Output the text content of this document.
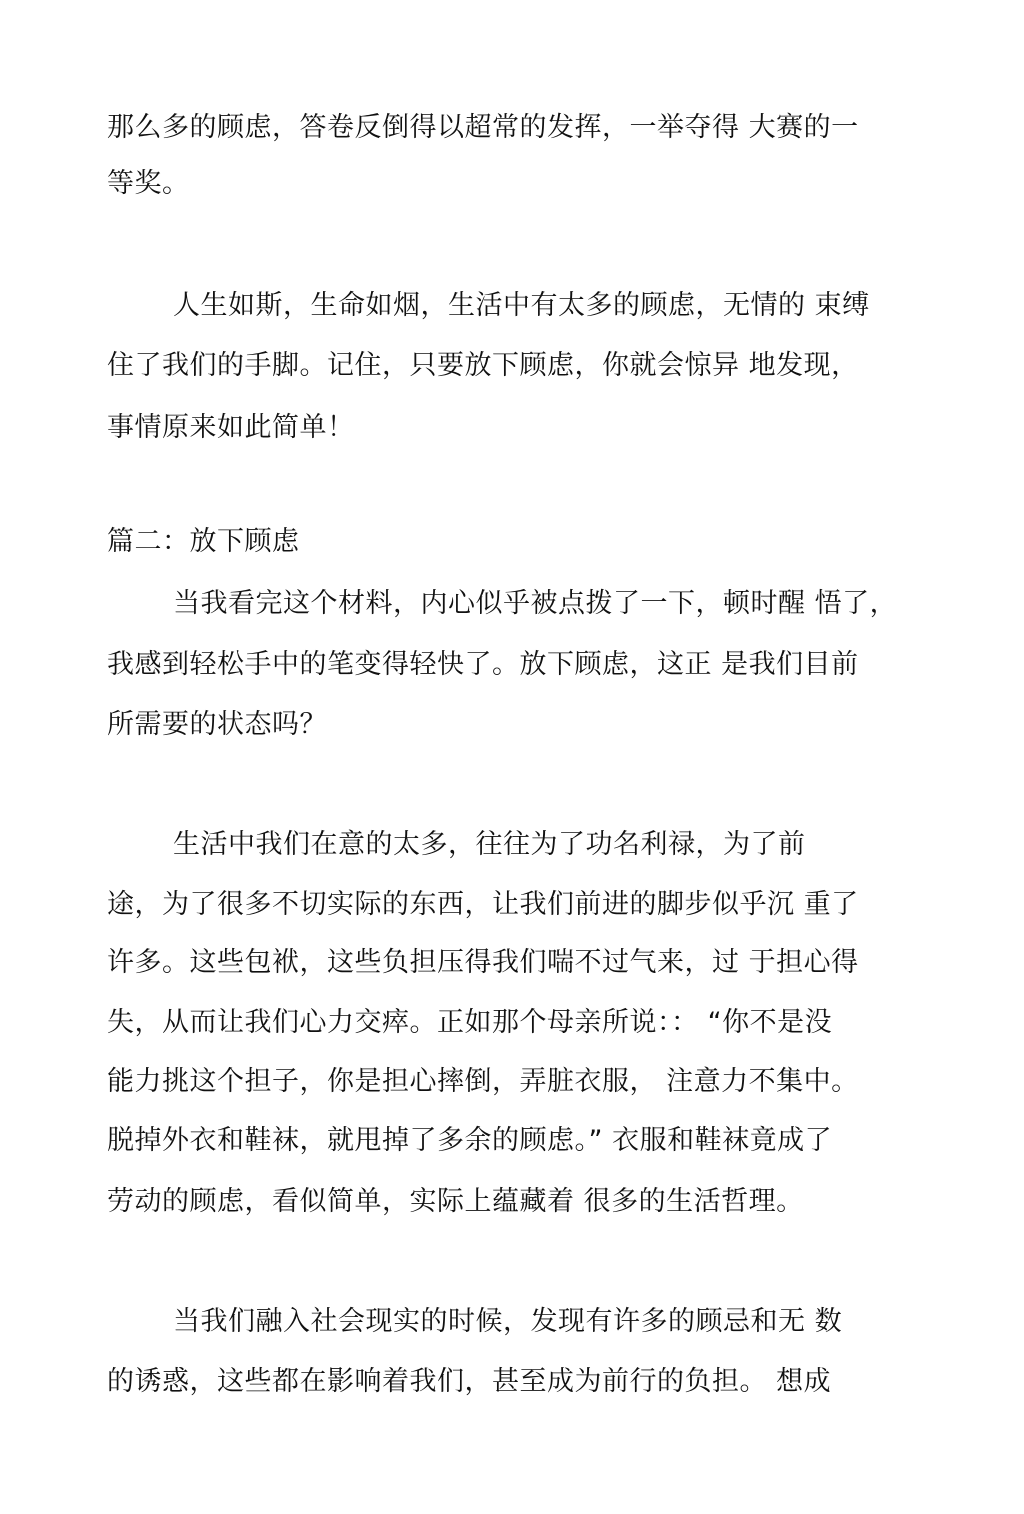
那么多的顾虑，答卷反倒得以超常的发挥，一举夺得 大赛的一
等奖。
人生如斯，生命如烟，生活中有太多的顾虑，无情的 束缚
住了我们的手脚。记住，只要放下顾虑，你就会惊异 地发现，
事情原来如此简单！
篇二：放下顾虑
当我看完这个材料，内心似乎被点拨了一下，顿时醒 悟了，
我感到轻松手中的笔变得轻快了。放下顾虑，这正 是我们目前
所需要的状态吗？
生活中我们在意的太多，往往为了功名利禄，为了前
途，为了很多不切实际的东西，让我们前进的脚步似乎沉 重了
许多。这些包袱，这些负担压得我们喘不过气来，过 于担心得
失，从而让我们心力交瘁。正如那个母亲所说：： “你不是没
能力挑这个担子，你是担心摔倒，弄脏衣服， 注意力不集中。
脱掉外衣和鞋袜，就甩掉了多余的顾虑。” 衣服和鞋袜竟成了
劳动的顾虑，看似简单，实际上蕴藏着 很多的生活哲理。
当我们融入社会现实的时候，发现有许多的顾忌和无 数
的诱惑，这些都在影响着我们，甚至成为前行的负担。 想成
